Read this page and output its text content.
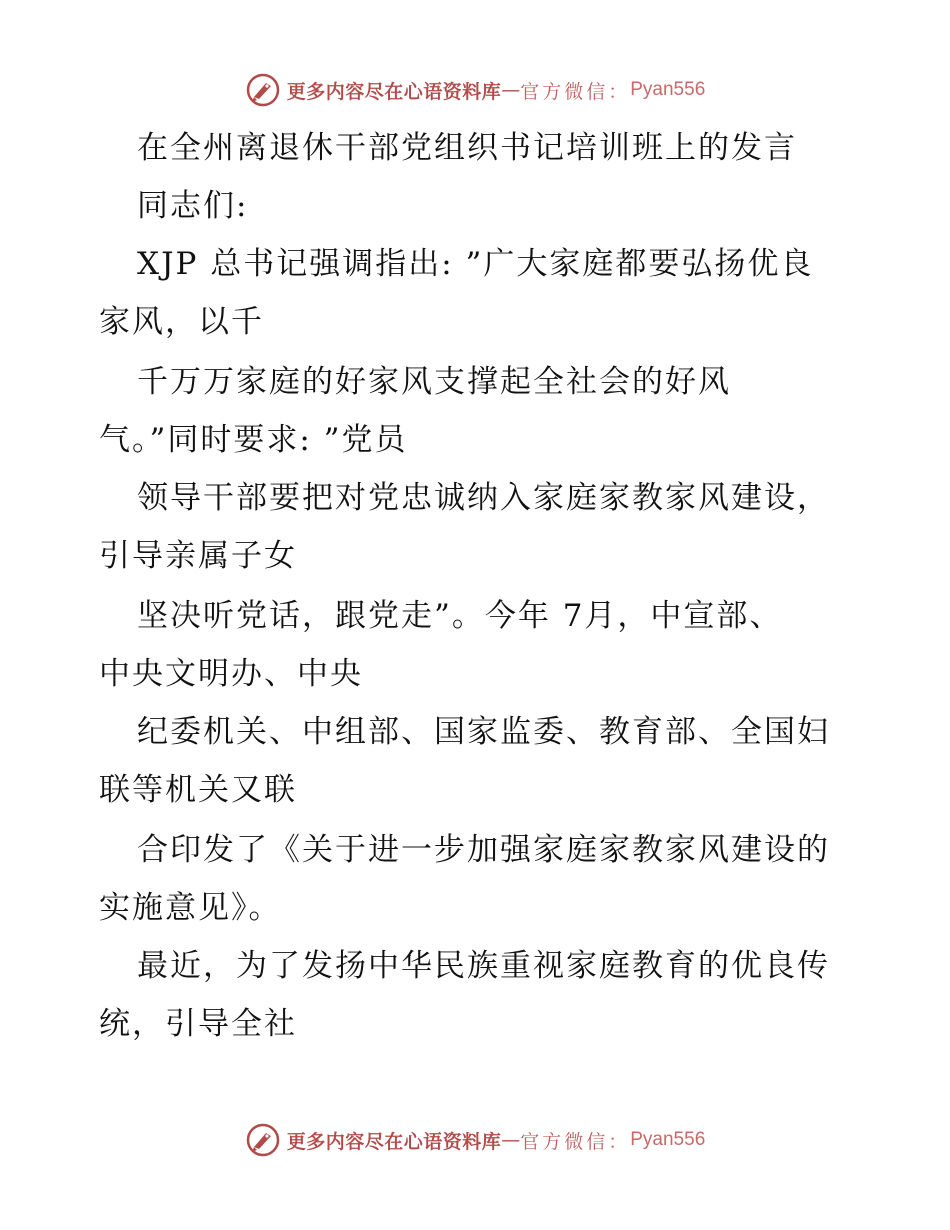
更多内容尽在心语资料库 — 官方微信： Pyan556
在全州离退休干部党组织书记培训班上的发言
同志们:
XJP 总书记强调指出: ”广大家庭都要弘扬优良
家风，以千
千万万家庭的好家风支撑起全社会的好风
气。”同时要求: ”党员
领导干部要把对党忠诚纳入家庭家教家风建设，
引导亲属子女
坚决听党话，跟党走”。今年 7月，中宣部、
中央文明办、中央
纪委机关、中组部、国家监委、教育部、全国妇
联等机关又联
合印发了《关于进一步加强家庭家教家风建设的
实施意见》。
最近，为了发扬中华民族重视家庭教育的优良传
统，引导全社
更多内容尽在心语资料库 — 官方微信： Pyan556
